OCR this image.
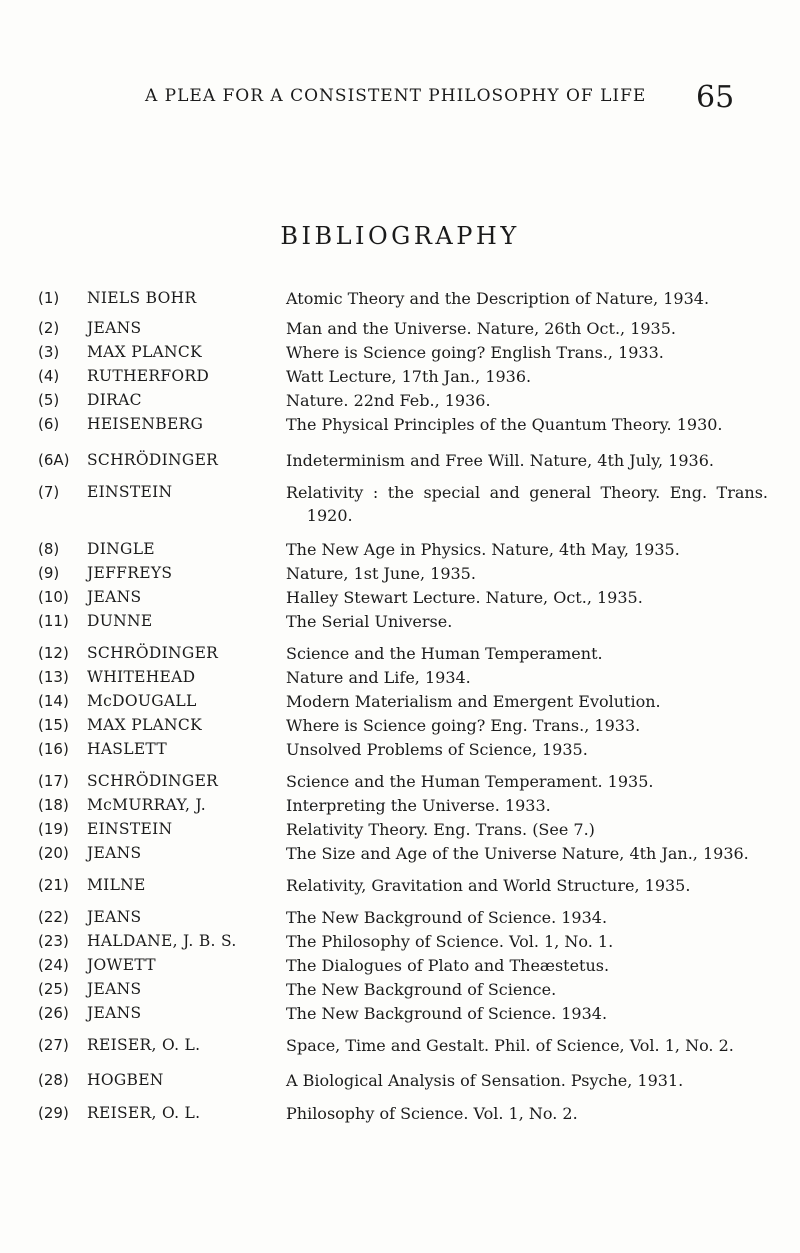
A PLEA FOR A CONSISTENT PHILOSOPHY OF LIFE 65
BIBLIOGRAPHY
(1)	NIELS BOHR	Atomic Theory and the Description of Nature, 1934.
(2)	JEANS	Man and the Universe. Nature, 26th Oct., 1935.
(3)	MAX PLANCK	Where is Science going? English Trans., 1933.
(4)	RUTHERFORD	Watt Lecture, 17th Jan., 1936.
(5)	DIRAC	Nature. 22nd Feb., 1936.
(6)	HEISENBERG	The Physical Principles of the Quantum Theory. 1930.
(6A)	SCHRÖDINGER	Indeterminism and Free Will. Nature, 4th July, 1936.
(7)	EINSTEIN	Relativity : the special and general Theory. Eng. Trans. 1920.
(8)	DINGLE	The New Age in Physics. Nature, 4th May, 1935.
(9)	JEFFREYS	Nature, 1st June, 1935.
(10)	JEANS	Halley Stewart Lecture. Nature, Oct., 1935.
(11)	DUNNE	The Serial Universe.
(12)	SCHRÖDINGER	Science and the Human Temperament.
(13)	WHITEHEAD	Nature and Life, 1934.
(14)	McDOUGALL	Modern Materialism and Emergent Evolution.
(15)	MAX PLANCK	Where is Science going? Eng. Trans., 1933.
(16)	HASLETT	Unsolved Problems of Science, 1935.
(17)	SCHRÖDINGER	Science and the Human Temperament. 1935.
(18)	McMURRAY, J.	Interpreting the Universe. 1933.
(19)	EINSTEIN	Relativity Theory. Eng. Trans. (See 7.)
(20)	JEANS	The Size and Age of the Universe Nature, 4th Jan., 1936.
(21)	MILNE	Relativity, Gravitation and World Structure, 1935.
(22)	JEANS	The New Background of Science. 1934.
(23)	HALDANE, J. B. S.	The Philosophy of Science. Vol. 1, No. 1.
(24)	JOWETT	The Dialogues of Plato and Theæstetus.
(25)	JEANS	The New Background of Science.
(26)	JEANS	The New Background of Science. 1934.
(27)	REISER, O. L.	Space, Time and Gestalt. Phil. of Science, Vol. 1, No. 2.
(28)	HOGBEN	A Biological Analysis of Sensation. Psyche, 1931.
(29)	REISER, O. L.	Philosophy of Science. Vol. 1, No. 2.
